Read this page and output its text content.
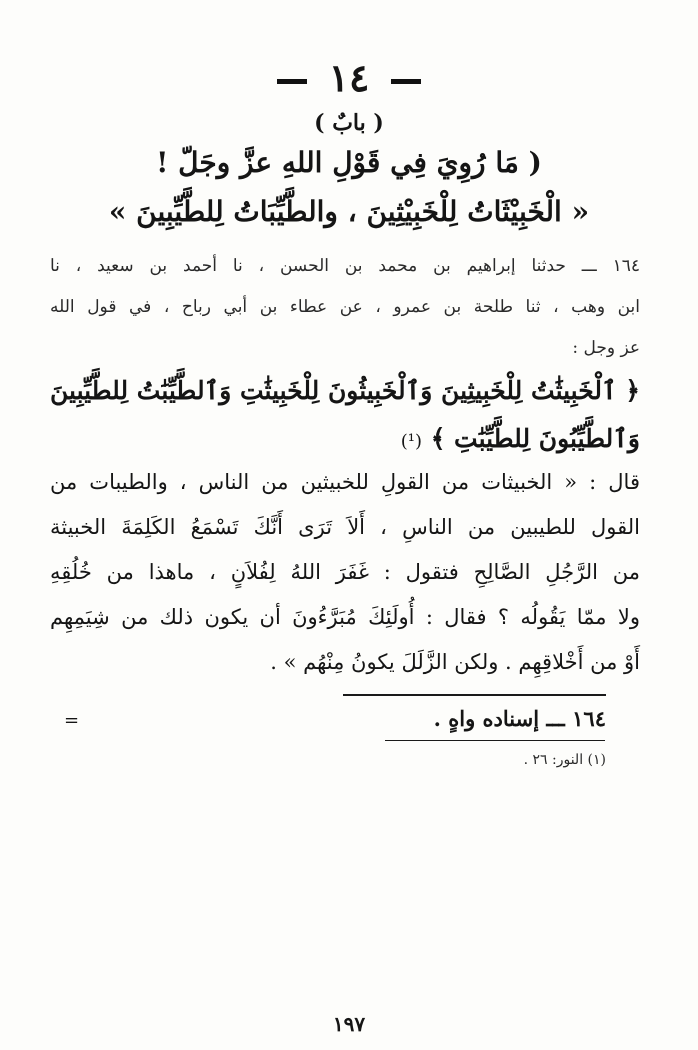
١٤
( بابٌ )
( مَا رُوِيَ فِي قَوْلِ اللهِ عزَّ وجَلّ !
« الْخَبِيْثَاتُ لِلْخَبِيْثِينَ ، والطَّيِّبَاتُ لِلطَّيِّبِينَ »
١٦٤ ـــ حدثنا إبراهيم بن محمد بن الحسن ، نا أحمد بن سعيد ، نا
ابن وهب ، ثنا طلحة بن عمرو ، عن عطاء بن أبي رباح ، في قول الله
عز وجل :
﴿ ٱلْخَبِيثَٰتُ لِلْخَبِيثِينَ وَٱلْخَبِيثُونَ لِلْخَبِيثَٰتِ وَٱلطَّيِّبَٰتُ لِلطَّيِّبِينَ
وَٱلطَّيِّبُونَ لِلطَّيِّبَٰتِ ﴾ (¹)
قال : « الخبيثات من القولِ للخبيثين من الناس ، والطيبات من
القول للطيبين من الناسِ ، أَلاَ تَرَى أَنَّكَ تَسْمَعُ الكَلِمَةَ الخبيثة
من الرَّجُلِ الصَّالِحِ فتقول : غَفَرَ اللهُ لِفُلاَنٍ ، ماهذا من خُلُقِهِ
ولا ممّا يَقُولُه ؟ فقال : أُولَئِكَ مُبَرَّءُونَ أن يكون ذلك من شِيَمِهِم
أَوْ من أَخْلاقِهِم . ولكن الزَّلَلَ يكونُ مِنْهُم » .
١٦٤ ـــ إسناده واهٍ .
=
(١) النور: ٢٦ .
١٩٧
